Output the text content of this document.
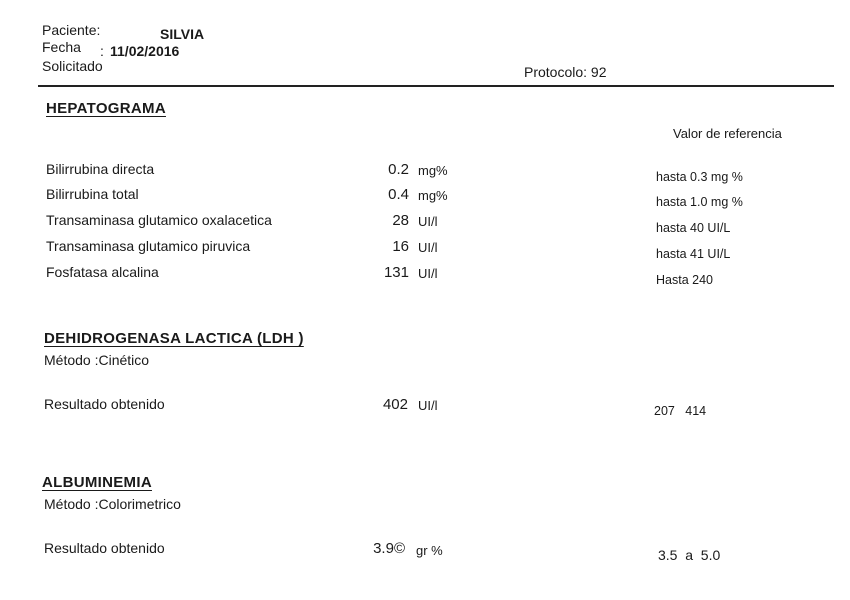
Paciente:	SILVIA
Fecha : 11/02/2016
Solicitado	Protocolo: 92
HEPATOGRAMA
Valor de referencia
Bilirrubina directa	0.2 mg%	hasta 0.3 mg %
Bilirrubina total	0.4 mg%	hasta 1.0 mg %
Transaminasa glutamico oxalacetica	28 UI/l	hasta 40 UI/L
Transaminasa glutamico piruvica	16 UI/l	hasta 41 UI/L
Fosfatasa alcalina	131 UI/l	Hasta 240
DEHIDROGENASA LACTICA (LDH )
Método :Cinético
Resultado obtenido	402 UI/l	207   414
ALBUMINEMIA
Método :Colorimetrico
Resultado obtenido	3.9© gr %	3.5  a  5.0
